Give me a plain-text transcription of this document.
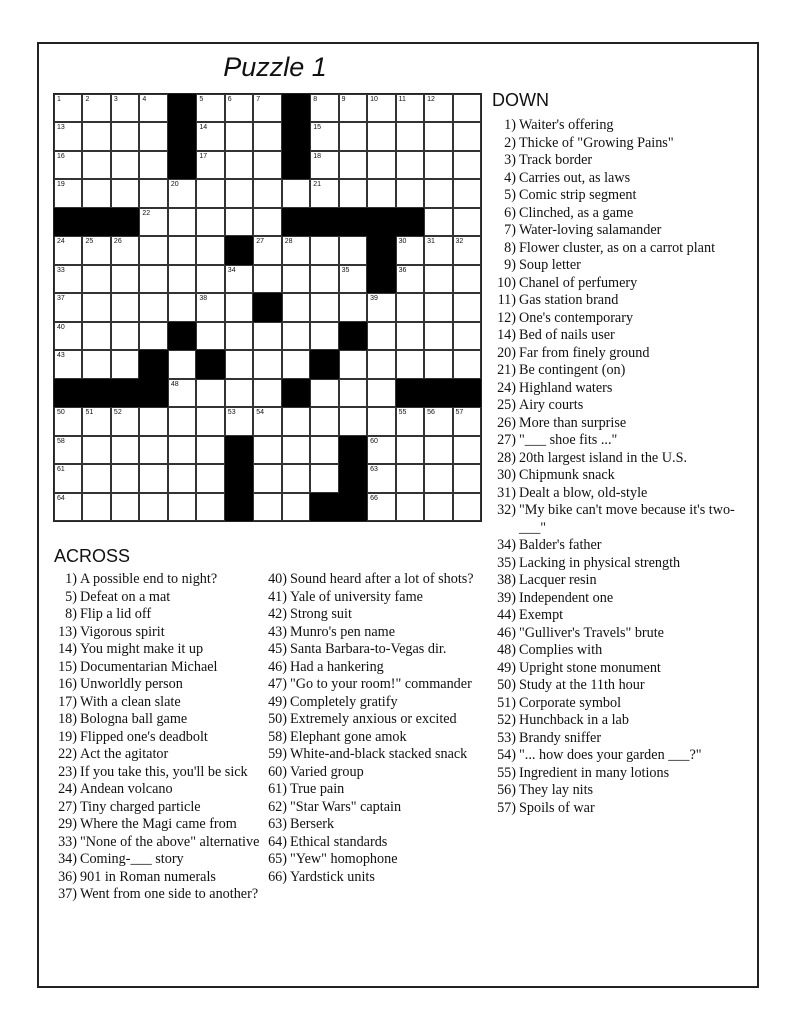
Puzzle 1
1	2	3	4	5	6	7	8	9	10	11	12
13	14	15
16	17	18
19	20	21
22
24	25	26	27	28	30	31	32
33	34	35	36
37	38	39
40
43
48
50	51	52	53	54	55	56	57
58	60
61	63
64	66
DOWN
1) Waiter's offering
2) Thicke of "Growing Pains"
3) Track border
4) Carries out, as laws
5) Comic strip segment
6) Clinched, as a game
7) Water-loving salamander
8) Flower cluster, as on a carrot plant
9) Soup letter
10) Chanel of perfumery
11) Gas station brand
12) One's contemporary
14) Bed of nails user
20) Far from finely ground
21) Be contingent (on)
24) Highland waters
25) Airy courts
26) More than surprise
27) "___ shoe fits ..."
28) 20th largest island in the U.S.
30) Chipmunk snack
31) Dealt a blow, old-style
32) "My bike can't move because it's two-___"
34) Balder's father
35) Lacking in physical strength
38) Lacquer resin
39) Independent one
44) Exempt
46) "Gulliver's Travels" brute
48) Complies with
49) Upright stone monument
50) Study at the 11th hour
51) Corporate symbol
52) Hunchback in a lab
53) Brandy sniffer
54) "... how does your garden ___?"
55) Ingredient in many lotions
56) They lay nits
57) Spoils of war
ACROSS
1) A possible end to night?
5) Defeat on a mat
8) Flip a lid off
13) Vigorous spirit
14) You might make it up
15) Documentarian Michael
16) Unworldly person
17) With a clean slate
18) Bologna ball game
19) Flipped one's deadbolt
22) Act the agitator
23) If you take this, you'll be sick
24) Andean volcano
27) Tiny charged particle
29) Where the Magi came from
33) "None of the above" alternative
34) Coming-___ story
36) 901 in Roman numerals
37) Went from one side to another?
40) Sound heard after a lot of shots?
41) Yale of university fame
42) Strong suit
43) Munro's pen name
45) Santa Barbara-to-Vegas dir.
46) Had a hankering
47) "Go to your room!" commander
49) Completely gratify
50) Extremely anxious or excited
58) Elephant gone amok
59) White-and-black stacked snack
60) Varied group
61) True pain
62) "Star Wars" captain
63) Berserk
64) Ethical standards
65) "Yew" homophone
66) Yardstick units
